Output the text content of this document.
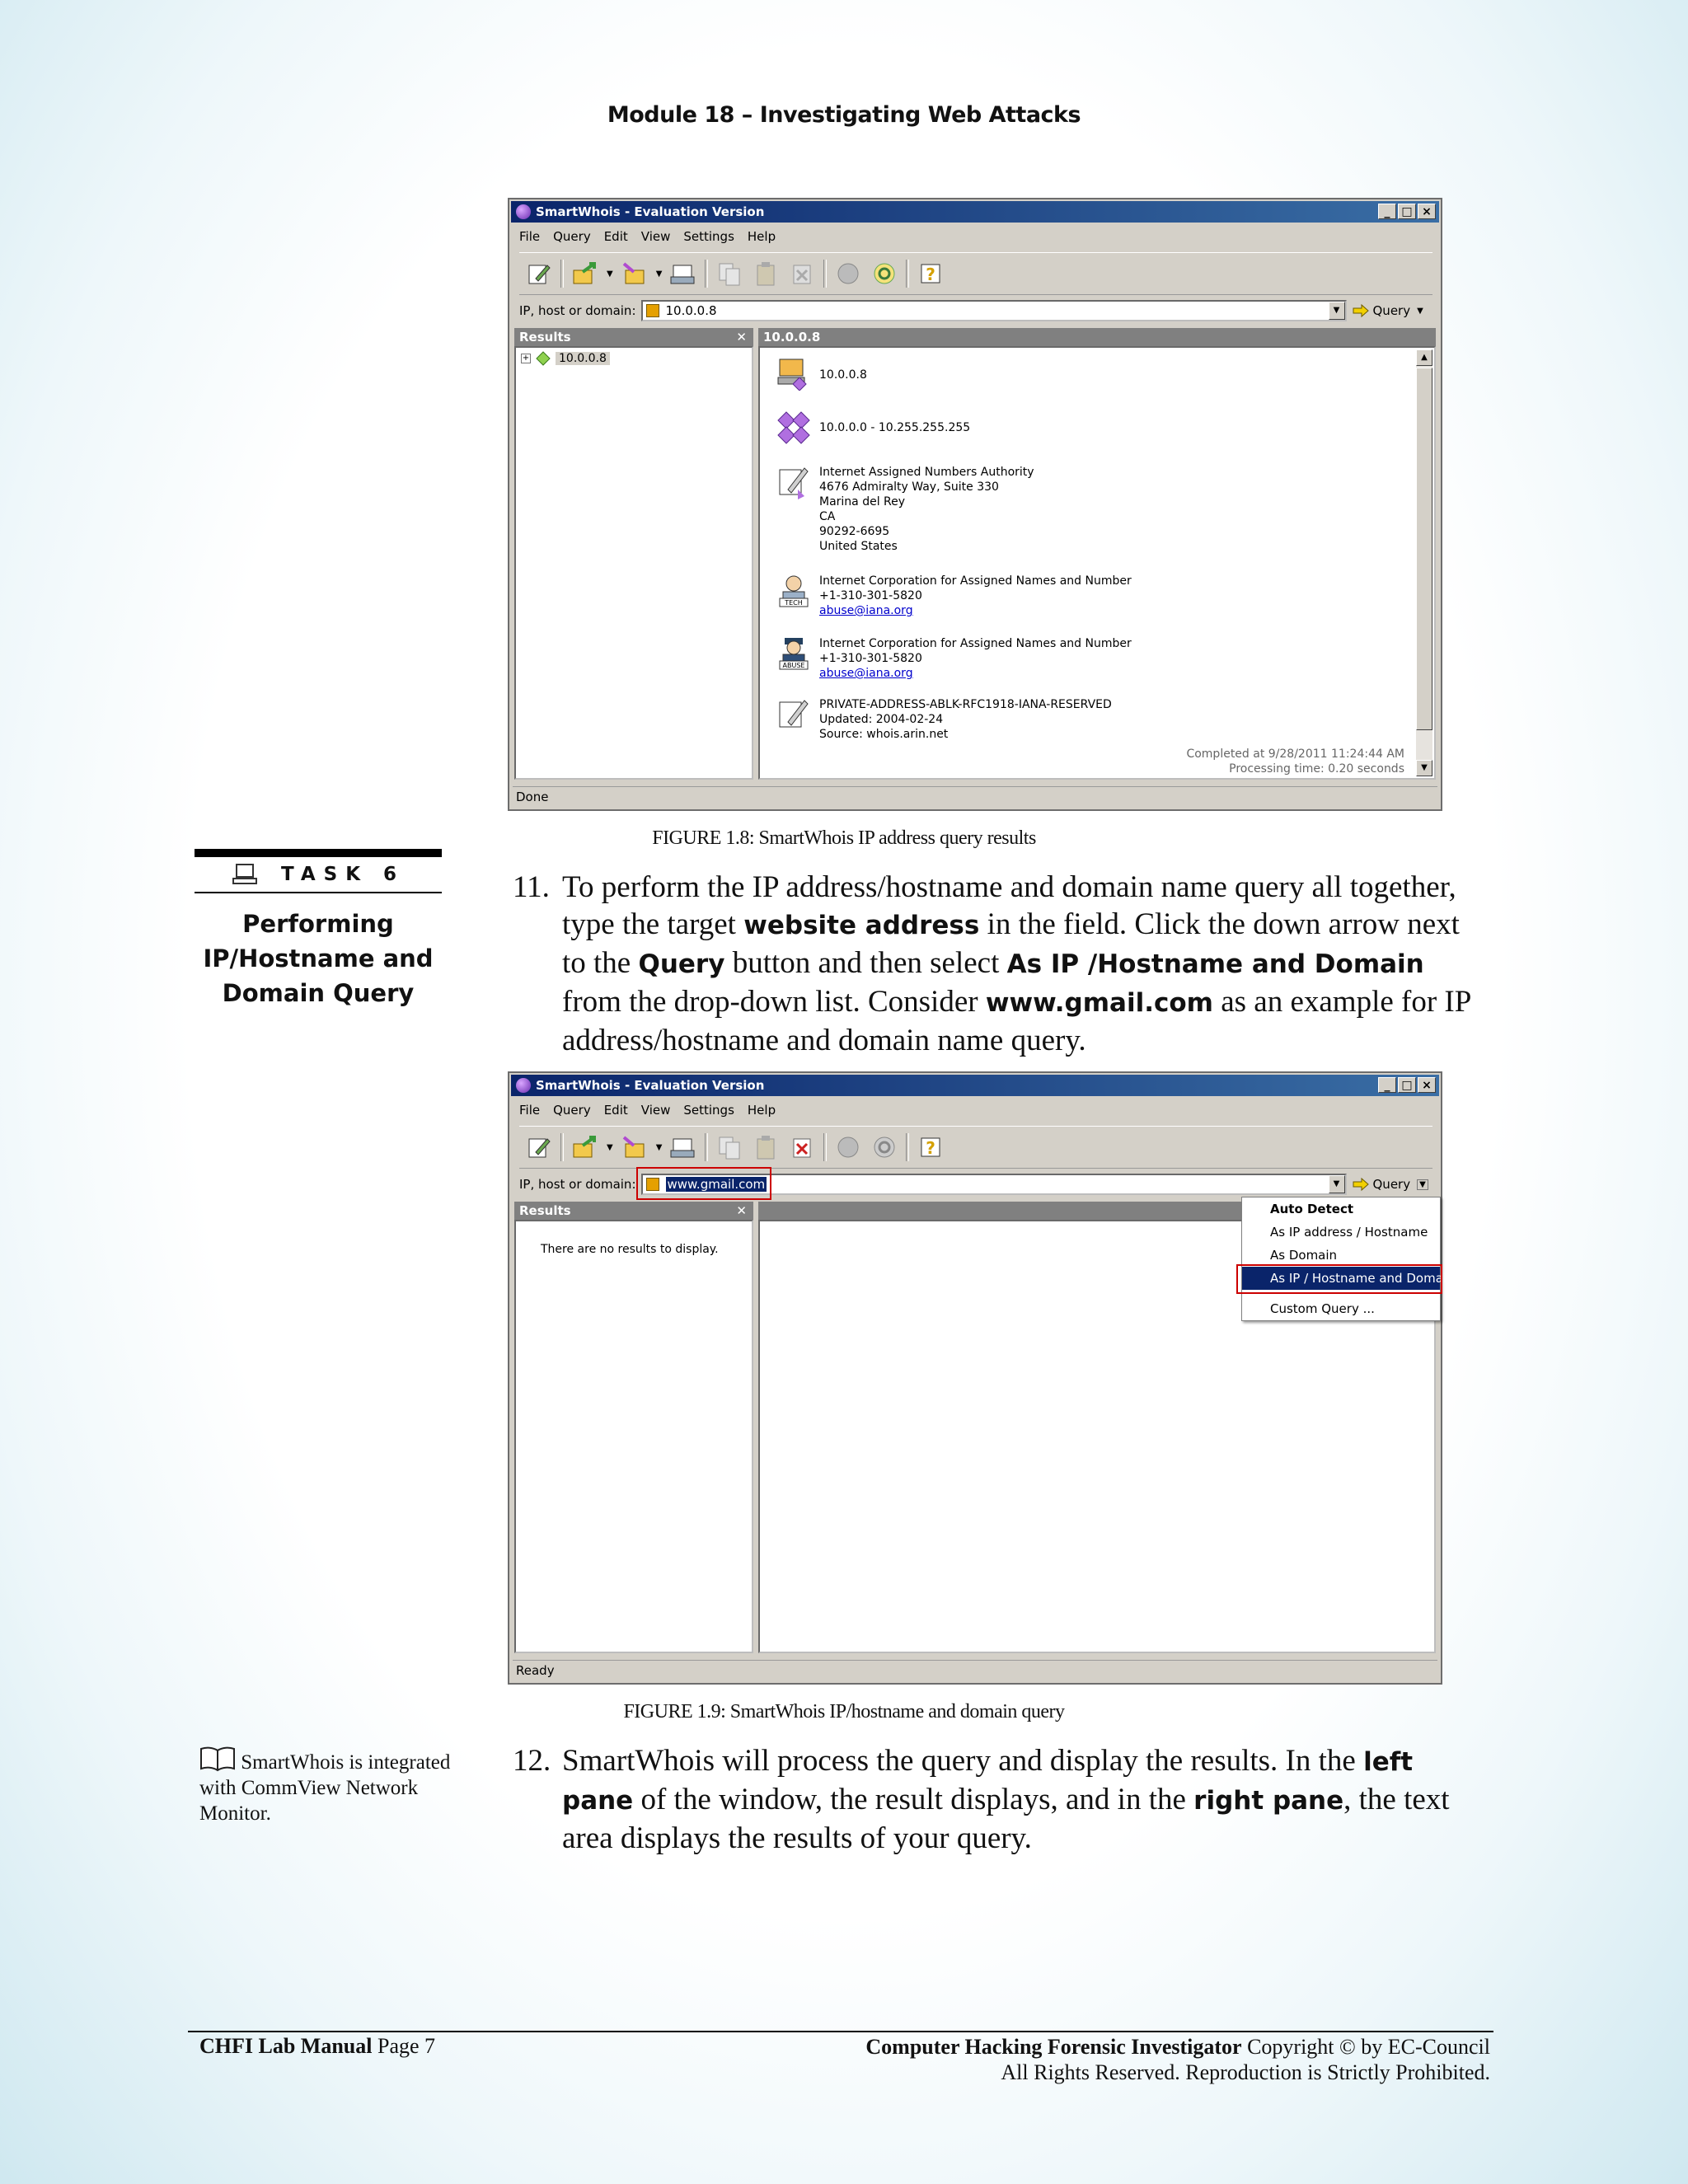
Module 18 – Investigating Web Attacks
SmartWhois - Evaluation Version	_ □ ×
File Query Edit View Settings Help
▼	▼	?
IP, host or domain: 10.0.0.8	▼	Query ▼
Results	✕
+	10.0.0.8
10.0.0.8
10.0.0.8
10.0.0.0 - 10.255.255.255
Internet Assigned Numbers Authority
4676 Admiralty Way, Suite 330
Marina del Rey
CA
90292-6695
United States
TECH
Internet Corporation for Assigned Names and Number
+1-310-301-5820
abuse@iana.org
ABUSE
Internet Corporation for Assigned Names and Number
+1-310-301-5820
abuse@iana.org
PRIVATE-ADDRESS-ABLK-RFC1918-IANA-RESERVED
Updated: 2004-02-24
Source: whois.arin.net
Completed at 9/28/2011 11:24:44 AM
Processing time: 0.20 seconds
▲
▼
Done
FIGURE 1.8: SmartWhois IP address query results
TASK 6
Performing
IP/Hostname and
Domain Query
11. To perform the IP address/hostname and domain name query all together, type the target website address in the field. Click the down arrow next to the Query button and then select As IP /Hostname and Domain from the drop-down list. Consider www.gmail.com as an example for IP address/hostname and domain name query.
SmartWhois - Evaluation Version	_ □ ×
File Query Edit View Settings Help
▼	▼	?
IP, host or domain:	www.gmail.com	▼	Query	▼
Results	✕
There are no results to display.
Auto Detect
As IP address / Hostname
As Domain
As IP / Hostname and Domain
Custom Query ...
Ready
FIGURE 1.9: SmartWhois IP/hostname and domain query
SmartWhois is integrated with CommView Network Monitor.
12. SmartWhois will process the query and display the results. In the left pane of the window, the result displays, and in the right pane, the text area displays the results of your query.
CHFI Lab Manual Page 7	Computer Hacking Forensic Investigator Copyright © by EC-Council
All Rights Reserved. Reproduction is Strictly Prohibited.
